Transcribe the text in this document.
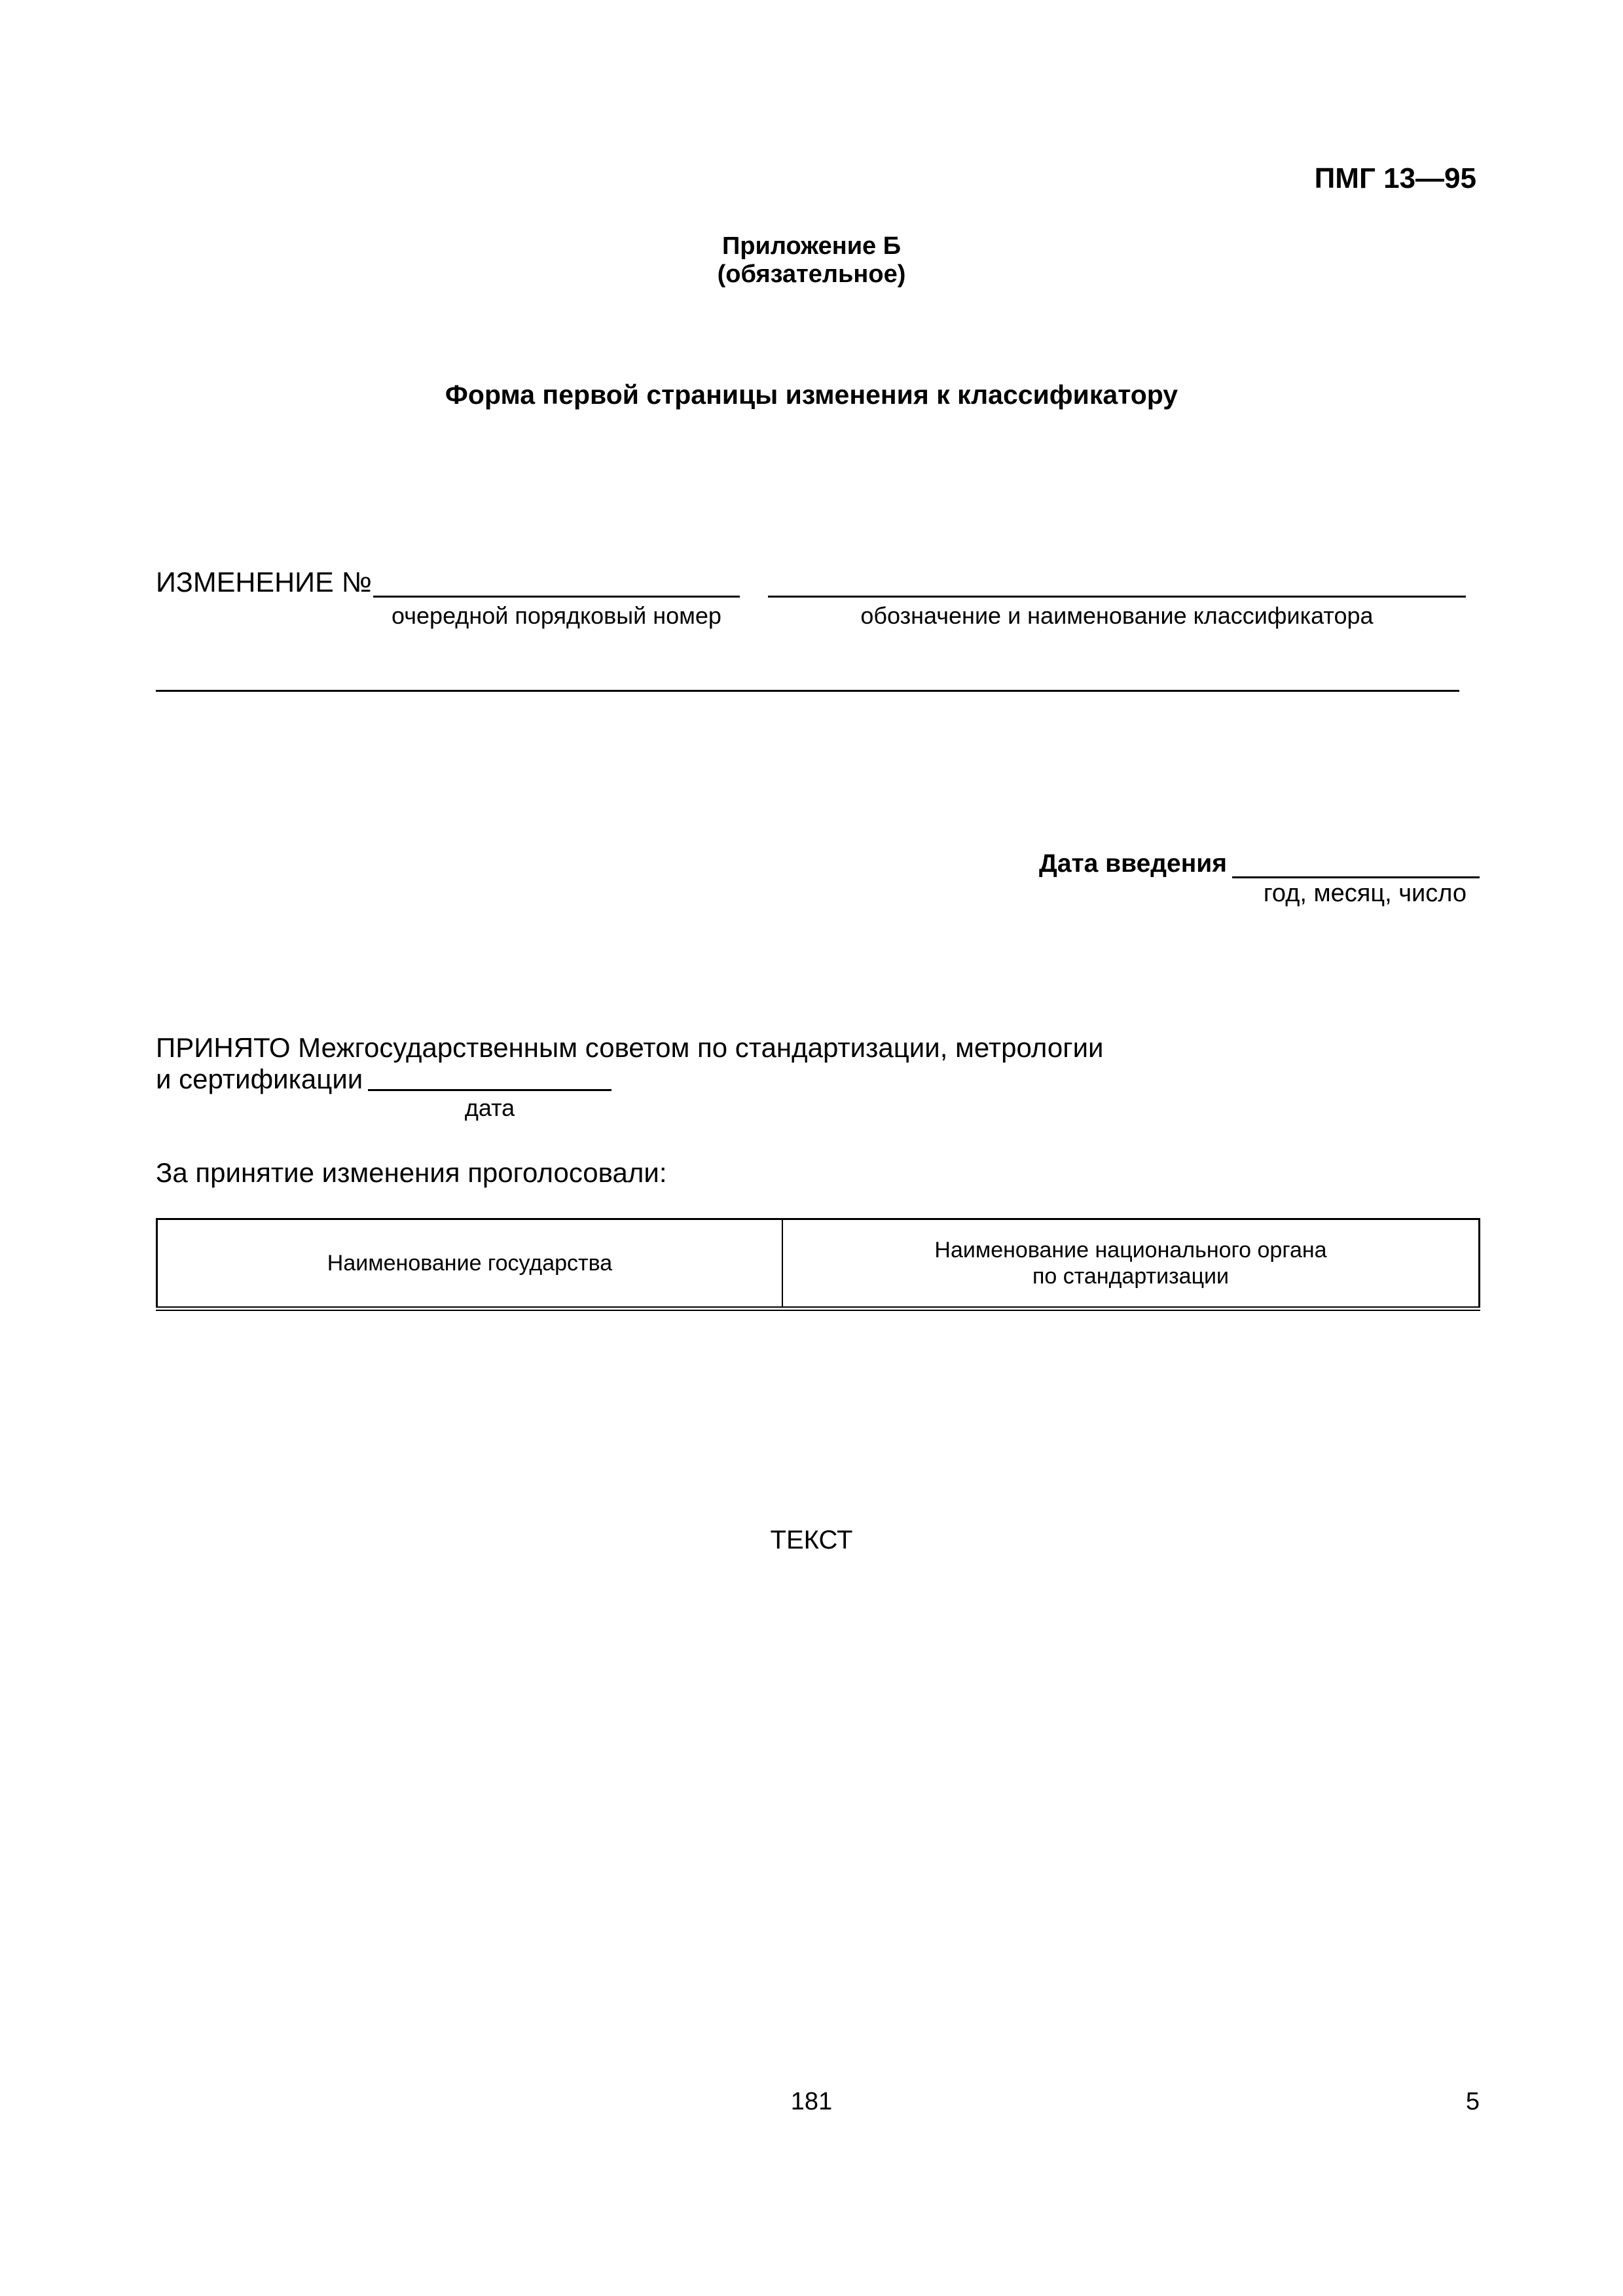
ПМГ 13—95
Приложение Б
(обязательное)
Форма первой страницы изменения к классификатору
ИЗМЕНЕНИЕ №
очередной порядковый номер	обозначение и наименование классификатора
Дата введения
год, месяц, число
ПРИНЯТО Межгосударственным советом по стандартизации, метрологии
и сертификации
дата
За принятие изменения проголосовали:
Наименование государства	Наименование национального органа
по стандартизации
ТЕКСТ
181	5
